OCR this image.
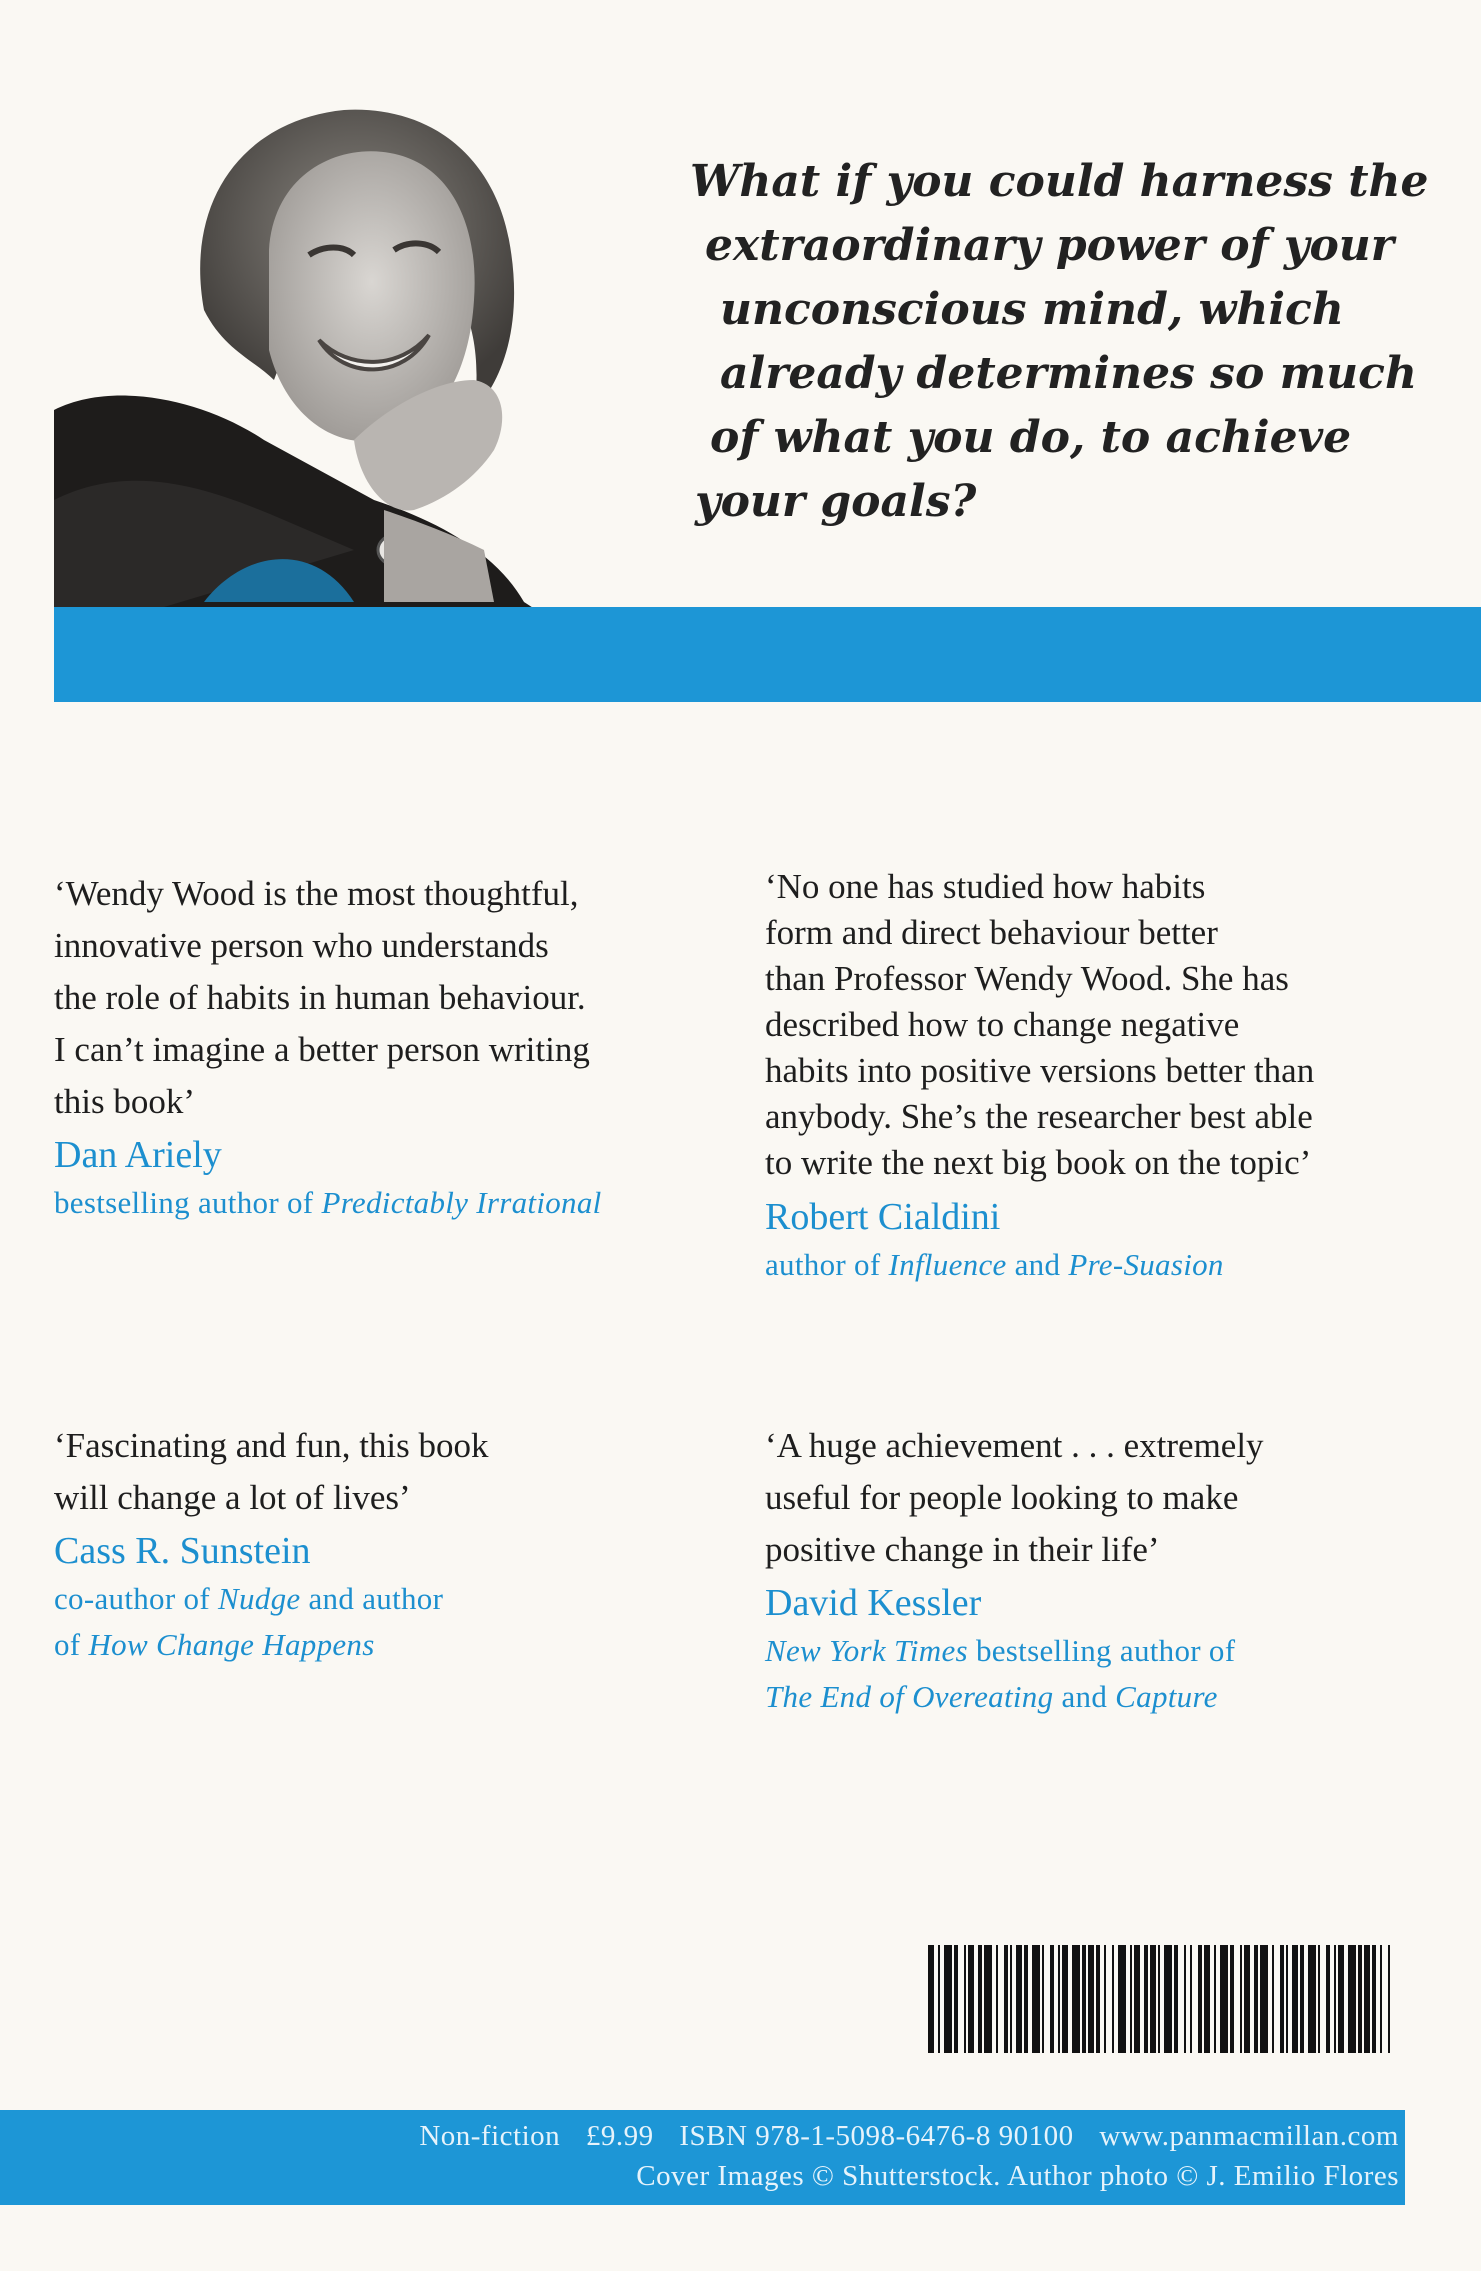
What if you could harness the
extraordinary power of your
unconscious mind, which
already determines so much
of what you do, to achieve
your goals?
‘Wendy Wood is the most thoughtful,
innovative person who understands
the role of habits in human behaviour.
I can’t imagine a better person writing
this book’
Dan Ariely
bestselling author of Predictably Irrational
‘No one has studied how habits
form and direct behaviour better
than Professor Wendy Wood. She has
described how to change negative
habits into positive versions better than
anybody. She’s the researcher best able
to write the next big book on the topic’
Robert Cialdini
author of Influence and Pre-Suasion
‘Fascinating and fun, this book
will change a lot of lives’
Cass R. Sunstein
co-author of Nudge and author
of How Change Happens
‘A huge achievement . . . extremely
useful for people looking to make
positive change in their life’
David Kessler
New York Times bestselling author of
The End of Overeating and Capture
Non-fiction £9.99 ISBN 978-1-5098-6476-8 90100 www.panmacmillan.com
Cover Images © Shutterstock. Author photo © J. Emilio Flores
